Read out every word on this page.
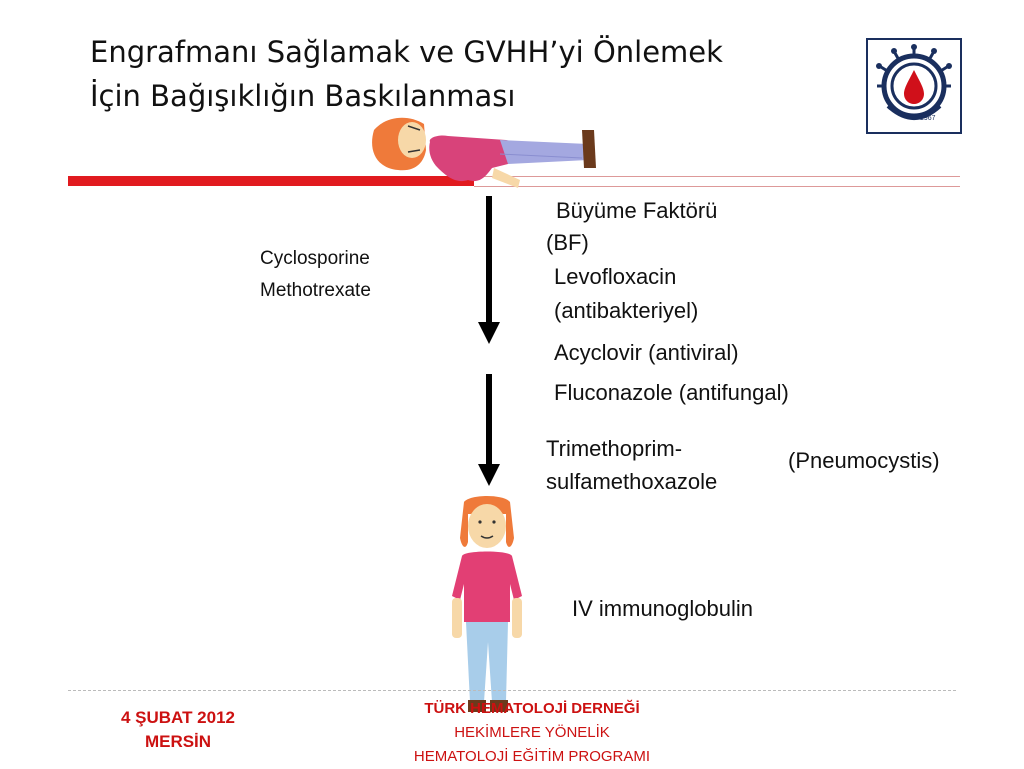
Engrafmanı Sağlamak ve GVHH’yi Önlemek
İçin Bağışıklığın Baskılanması
1967
Cyclosporine
Methotrexate
Büyüme Faktörü
(BF)
Levofloxacin
(antibakteriyel)
Acyclovir (antiviral)
Fluconazole (antifungal)
Trimethoprim-
sulfamethoxazole
(Pneumocystis)
IV immunoglobulin
4 ŞUBAT 2012
MERSİN
TÜRK HEMATOLOJİ DERNEĞİ
HEKİMLERE YÖNELİK
HEMATOLOJİ EĞİTİM PROGRAMI
